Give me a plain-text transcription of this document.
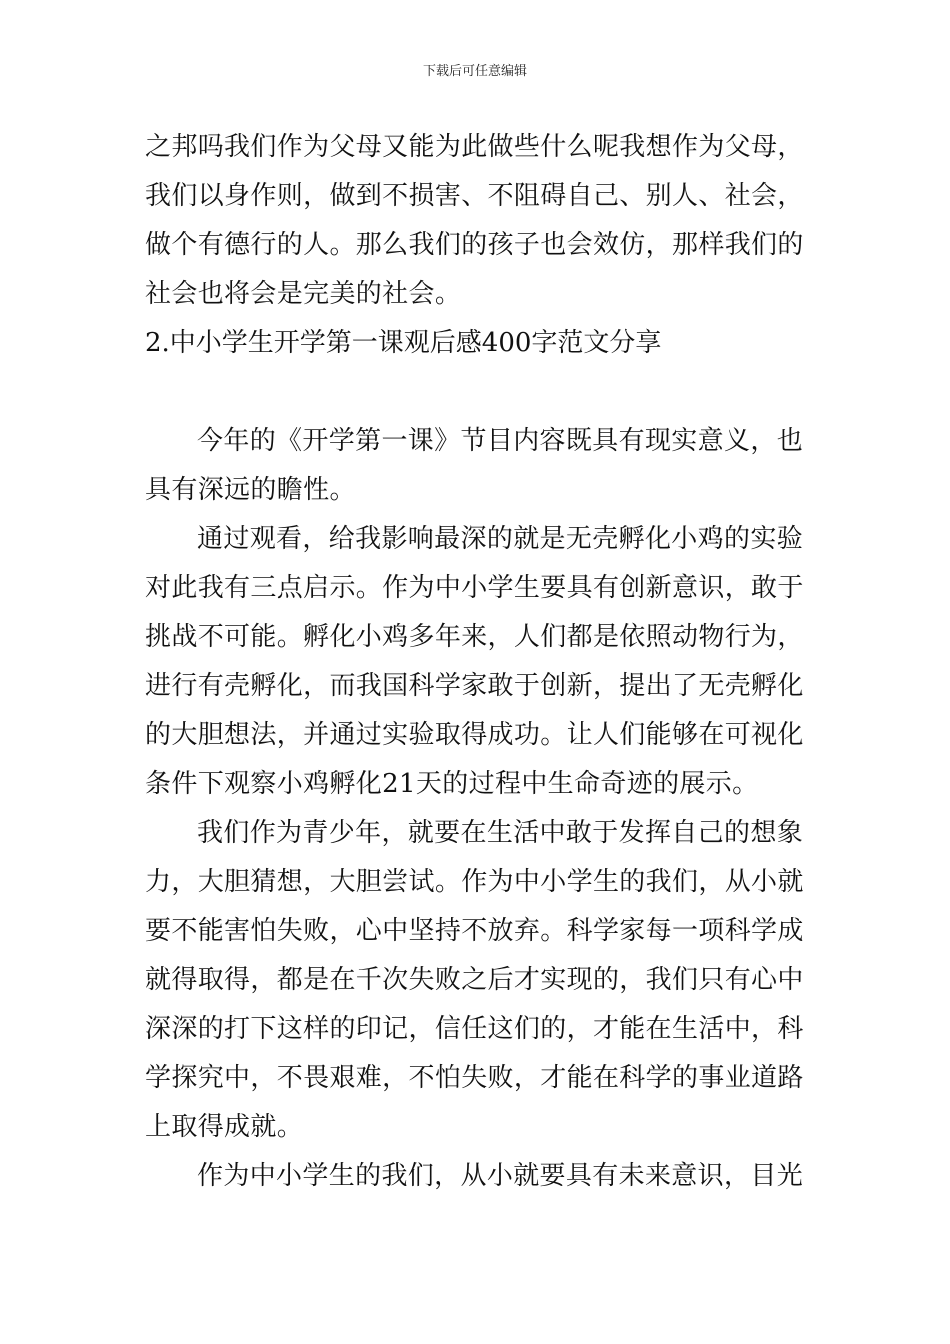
下载后可任意编辑
之邦吗我们作为父母又能为此做些什么呢我想作为父母，
我们以身作则，做到不损害、不阻碍自己、别人、社会，
做个有德行的人。那么我们的孩子也会效仿，那样我们的
社会也将会是完美的社会。
2.中小学生开学第一课观后感400字范文分享
今年的《开学第一课》节目内容既具有现实意义，也
具有深远的瞻性。
通过观看，给我影响最深的就是无壳孵化小鸡的实验
对此我有三点启示。作为中小学生要具有创新意识，敢于
挑战不可能。孵化小鸡多年来，人们都是依照动物行为，
进行有壳孵化，而我国科学家敢于创新，提出了无壳孵化
的大胆想法，并通过实验取得成功。让人们能够在可视化
条件下观察小鸡孵化21天的过程中生命奇迹的展示。
我们作为青少年，就要在生活中敢于发挥自己的想象
力，大胆猜想，大胆尝试。作为中小学生的我们，从小就
要不能害怕失败，心中坚持不放弃。科学家每一项科学成
就得取得，都是在千次失败之后才实现的，我们只有心中
深深的打下这样的印记，信任这们的，才能在生活中，科
学探究中，不畏艰难，不怕失败，才能在科学的事业道路
上取得成就。
作为中小学生的我们，从小就要具有未来意识，目光
